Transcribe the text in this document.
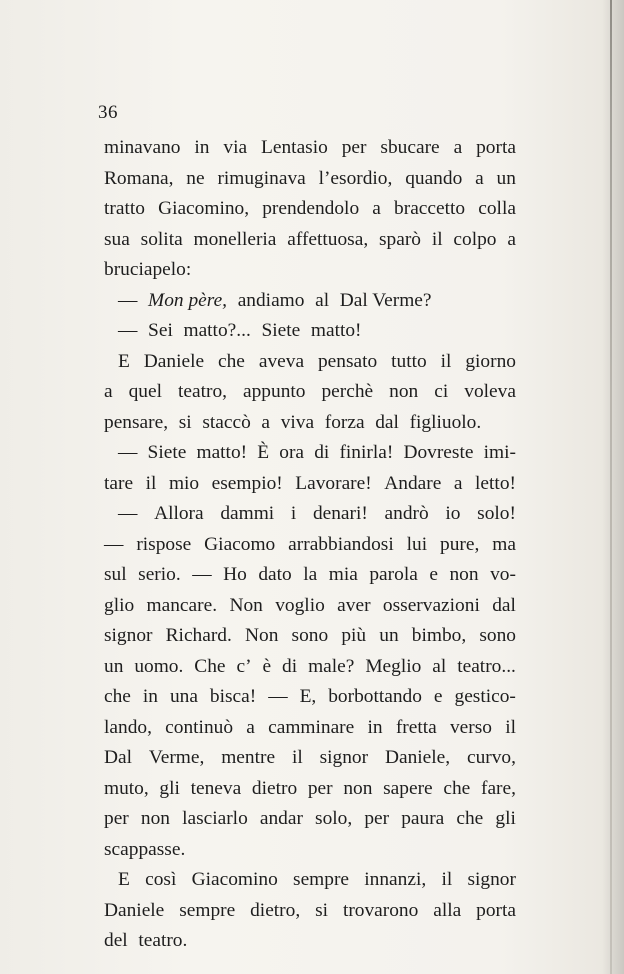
36
minavano in via Lentasio per sbucare a porta
Romana, ne rimuginava l’esordio, quando a un
tratto Giacomino, prendendolo a braccetto colla
sua solita monelleria affettuosa, sparò il colpo a
bruciapelo:
— Mon père, andiamo al Dal Verme?
— Sei matto?... Siete matto!
E Daniele che aveva pensato tutto il giorno
a quel teatro, appunto perchè non ci voleva
pensare, si staccò a viva forza dal figliuolo.
— Siete matto! È ora di finirla! Dovreste imi-
tare il mio esempio! Lavorare! Andare a letto!
— Allora dammi i denari! andrò io solo!
— rispose Giacomo arrabbiandosi lui pure, ma
sul serio. — Ho dato la mia parola e non vo-
glio mancare. Non voglio aver osservazioni dal
signor Richard. Non sono più un bimbo, sono
un uomo. Che c’ è di male? Meglio al teatro...
che in una bisca! — E, borbottando e gestico-
lando, continuò a camminare in fretta verso il
Dal Verme, mentre il signor Daniele, curvo,
muto, gli teneva dietro per non sapere che fare,
per non lasciarlo andar solo, per paura che gli
scappasse.
E così Giacomino sempre innanzi, il signor
Daniele sempre dietro, si trovarono alla porta
del teatro.
